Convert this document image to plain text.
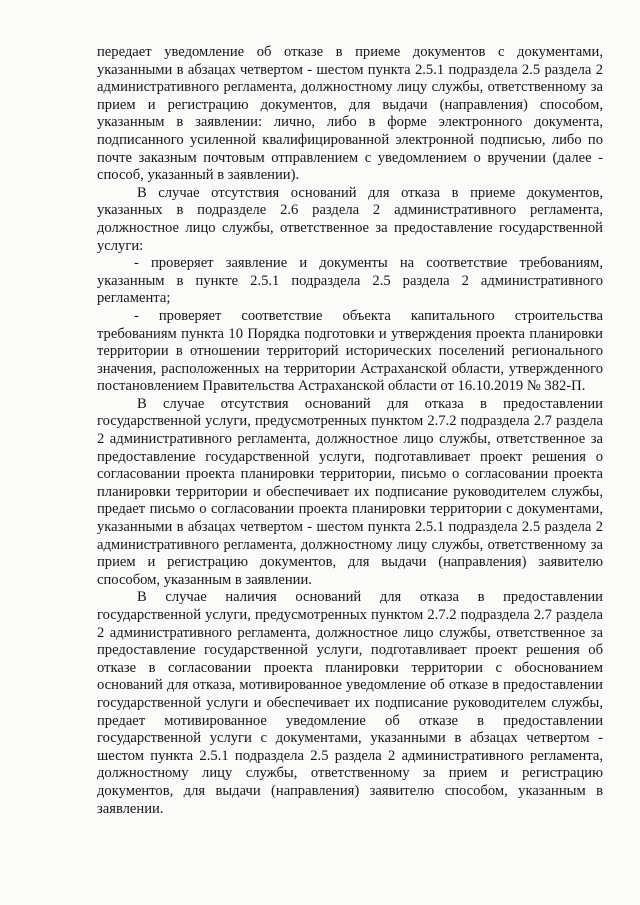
передает уведомление об отказе в приеме документов с документами, указанными в абзацах четвертом - шестом пункта 2.5.1 подраздела 2.5 раздела 2 административного регламента, должностному лицу службы, ответственному за прием и регистрацию документов, для выдачи (направления) способом, указанным в заявлении: лично, либо в форме электронного документа, подписанного усиленной квалифицированной электронной подписью, либо по почте заказным почтовым отправлением с уведомлением о вручении (далее - способ, указанный в заявлении).

В случае отсутствия оснований для отказа в приеме документов, указанных в подразделе 2.6 раздела 2 административного регламента, должностное лицо службы, ответственное за предоставление государственной услуги:

- проверяет заявление и документы на соответствие требованиям, указанным в пункте 2.5.1 подраздела 2.5 раздела 2 административного регламента;

- проверяет соответствие объекта капитального строительства требованиям пункта 10 Порядка подготовки и утверждения проекта планировки территории в отношении территорий исторических поселений регионального значения, расположенных на территории Астраханской области, утвержденного постановлением Правительства Астраханской области от 16.10.2019 № 382-П.

В случае отсутствия оснований для отказа в предоставлении государственной услуги, предусмотренных пунктом 2.7.2 подраздела 2.7 раздела 2 административного регламента, должностное лицо службы, ответственное за предоставление государственной услуги, подготавливает проект решения о согласовании проекта планировки территории, письмо о согласовании проекта планировки территории и обеспечивает их подписание руководителем службы, предает письмо о согласовании проекта планировки территории с документами, указанными в абзацах четвертом - шестом пункта 2.5.1 подраздела 2.5 раздела 2 административного регламента, должностному лицу службы, ответственному за прием и регистрацию документов, для выдачи (направления) заявителю способом, указанным в заявлении.

В случае наличия оснований для отказа в предоставлении государственной услуги, предусмотренных пунктом 2.7.2 подраздела 2.7 раздела 2 административного регламента, должностное лицо службы, ответственное за предоставление государственной услуги, подготавливает проект решения об отказе в согласовании проекта планировки территории с обоснованием оснований для отказа, мотивированное уведомление об отказе в предоставлении государственной услуги и обеспечивает их подписание руководителем службы, предает мотивированное уведомление об отказе в предоставлении государственной услуги с документами, указанными в абзацах четвертом - шестом пункта 2.5.1 подраздела 2.5 раздела 2 административного регламента, должностному лицу службы, ответственному за прием и регистрацию документов, для выдачи (направления) заявителю способом, указанным в заявлении.
